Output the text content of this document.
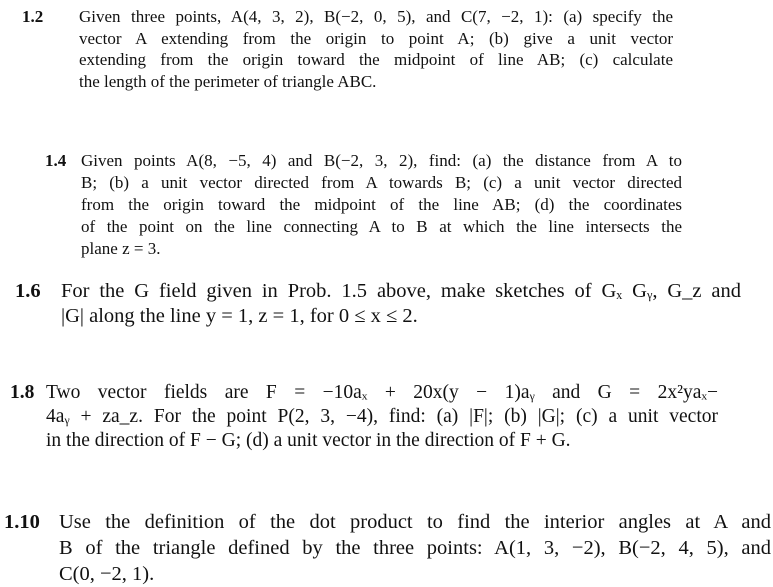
1.2 Given three points, A(4, 3, 2), B(−2, 0, 5), and C(7, −2, 1): (a) specify the
vector A extending from the origin to point A; (b) give a unit vector
extending from the origin toward the midpoint of line AB; (c) calculate
the length of the perimeter of triangle ABC.
1.4 Given points A(8, −5, 4) and B(−2, 3, 2), find: (a) the distance from A to
B; (b) a unit vector directed from A towards B; (c) a unit vector directed
from the origin toward the midpoint of the line AB; (d) the coordinates
of the point on the line connecting A to B at which the line intersects the
plane z = 3.
1.6 For the G field given in Prob. 1.5 above, make sketches of Gₓ Gᵧ, G_z and
|G| along the line y = 1, z = 1, for 0 ≤ x ≤ 2.
1.8 Two vector fields are F = −10aₓ + 20x(y − 1)aᵧ and G = 2x²yaₓ−
4aᵧ + za_z. For the point P(2, 3, −4), find: (a) |F|; (b) |G|; (c) a unit vector
in the direction of F − G; (d) a unit vector in the direction of F + G.
1.10 Use the definition of the dot product to find the interior angles at A and
B of the triangle defined by the three points: A(1, 3, −2), B(−2, 4, 5), and
C(0, −2, 1).
